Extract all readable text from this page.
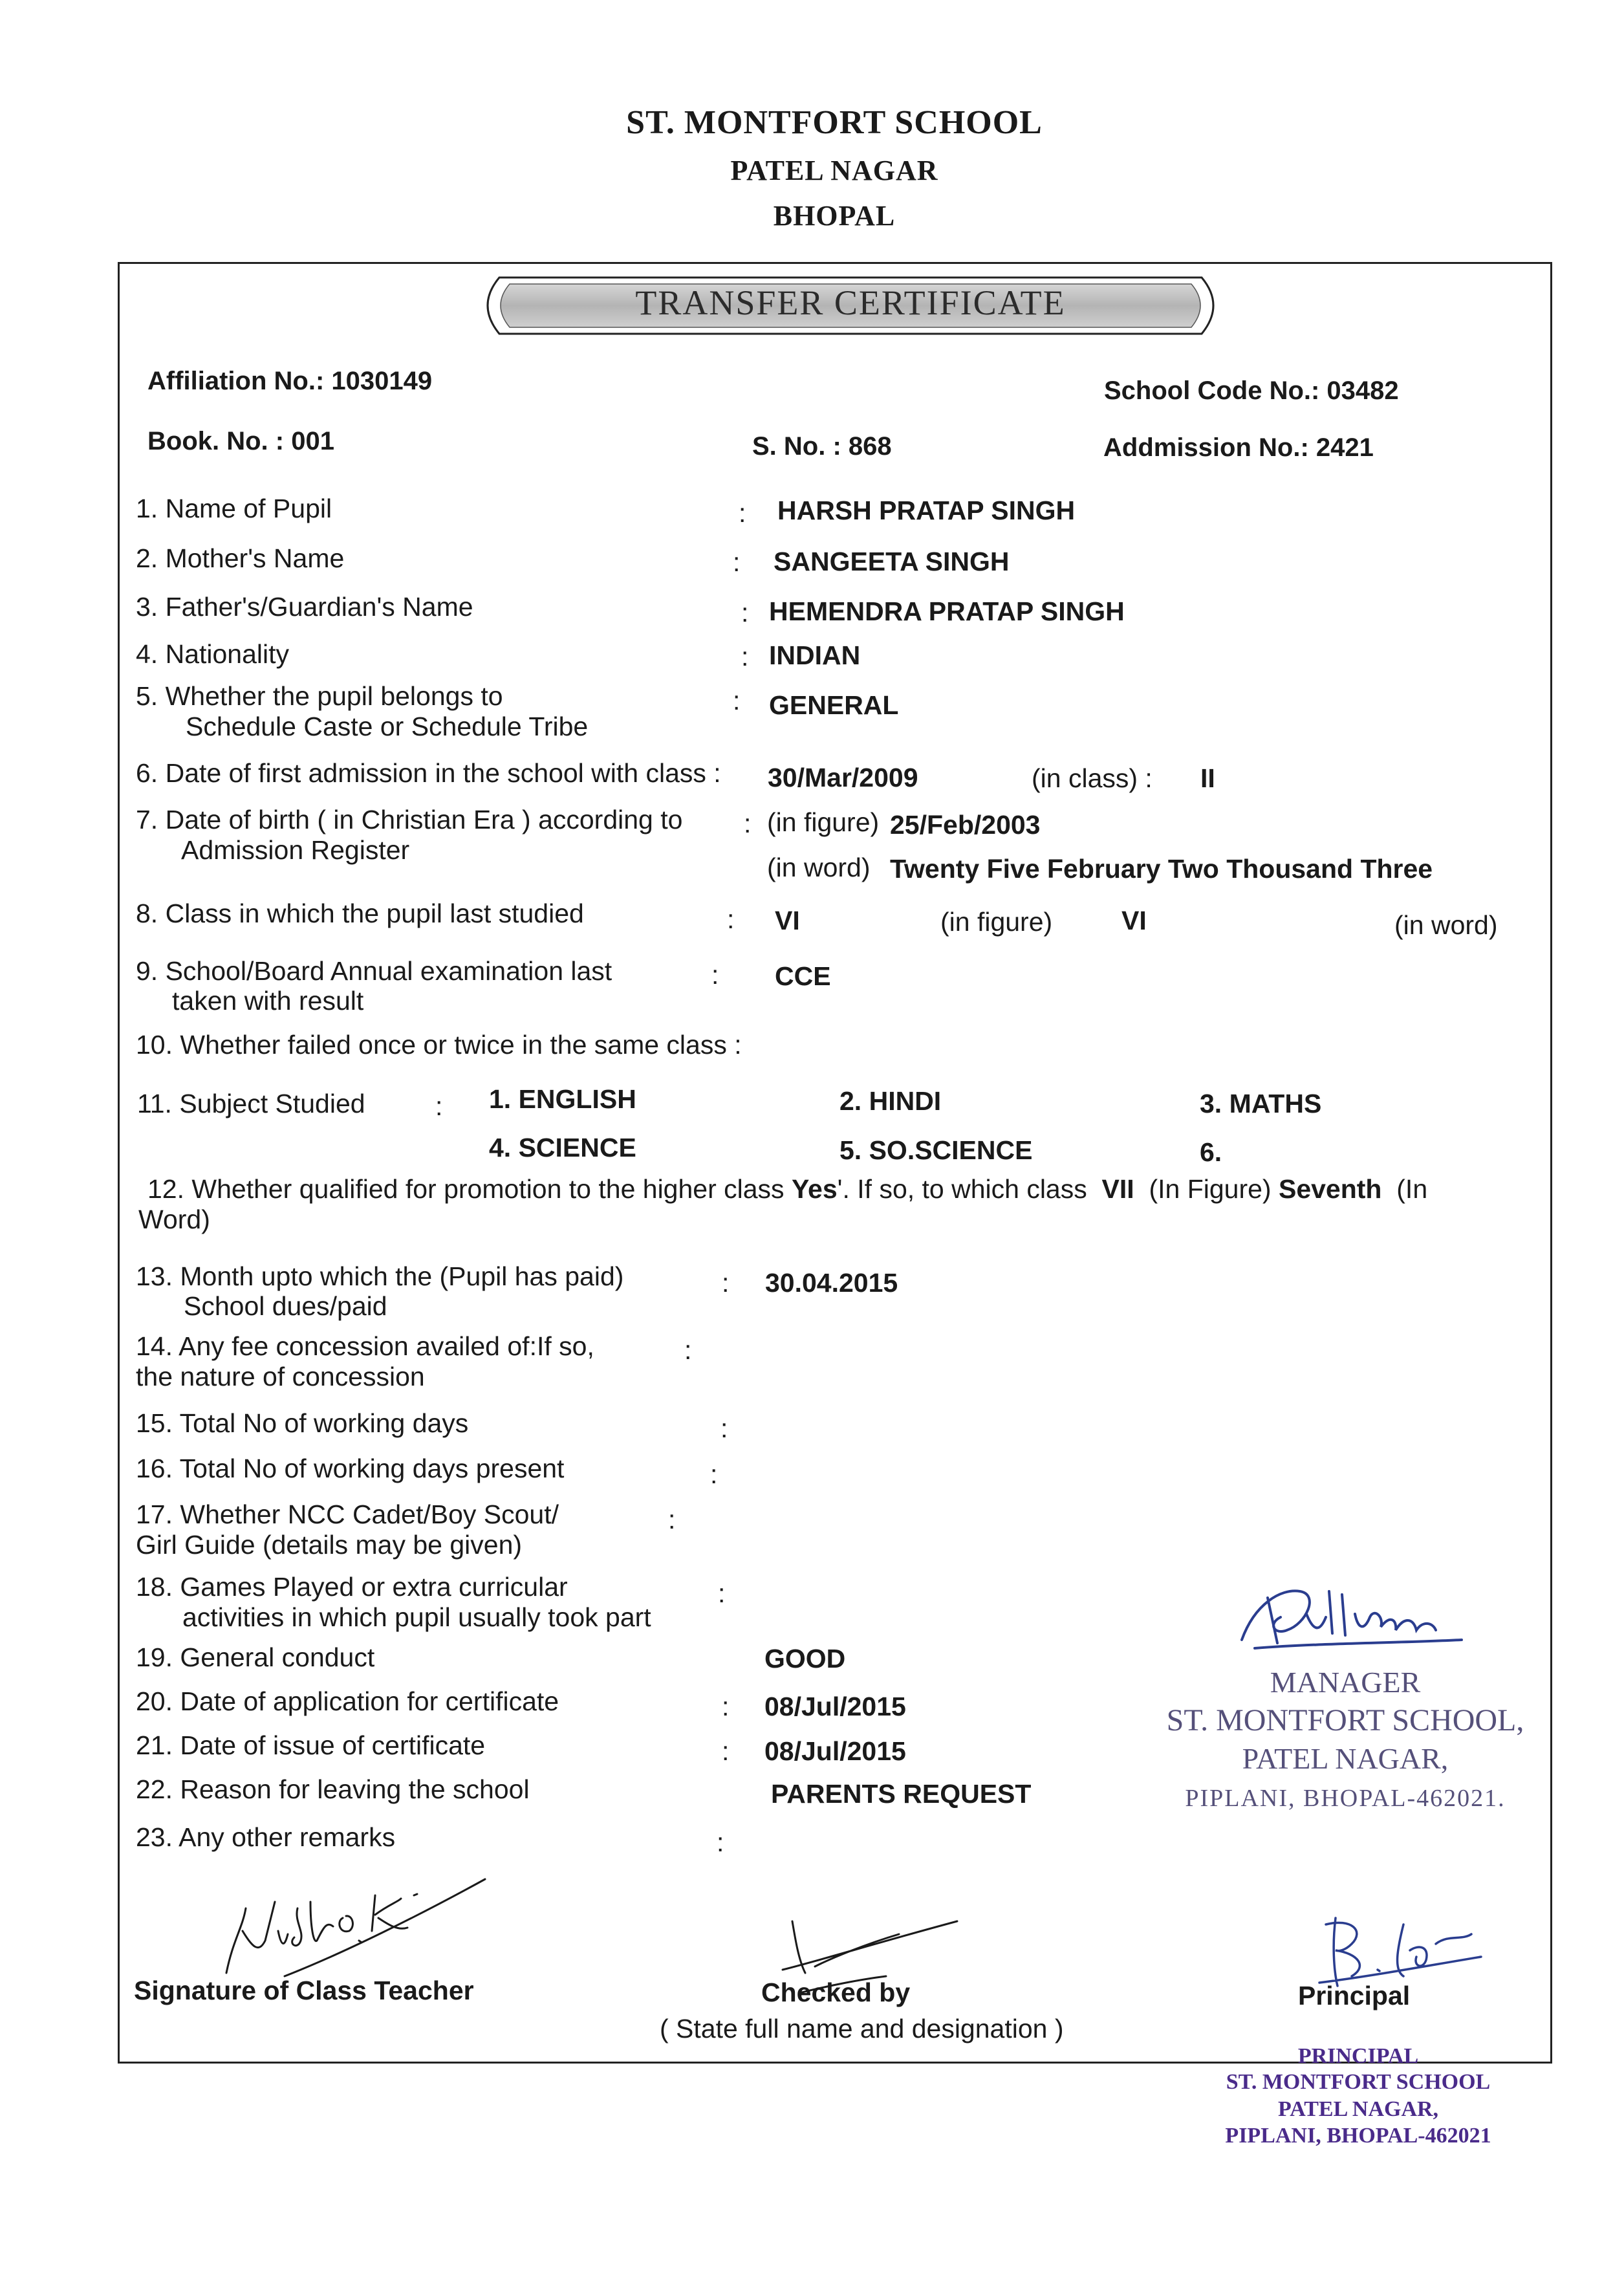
ST. MONTFORT SCHOOL
PATEL NAGAR
BHOPAL
TRANSFER CERTIFICATE
Affiliation No.: 1030149	School Code No.: 03482
Book. No. : 001	S. No. : 868	Addmission No.: 2421
1. Name of Pupil	: HARSH PRATAP SINGH
2. Mother's Name	: SANGEETA SINGH
3. Father's/Guardian's Name	: HEMENDRA PRATAP SINGH
4. Nationality	: INDIAN
5. Whether the pupil belongs to
Schedule Caste or Schedule Tribe
: GENERAL
6. Date of first admission in the school with class : 30/Mar/2009	(in class) : II
7. Date of birth ( in Christian Era ) according to
Admission Register
: (in figure) 25/Feb/2003
(in word) Twenty Five February Two Thousand Three
8. Class in which the pupil last studied	: VI	(in figure)	VI	(in word)
9. School/Board Annual examination last
taken with result
: CCE
10. Whether failed once or twice in the same class :
11. Subject Studied	: 1. ENGLISH	2. HINDI	3. MATHS
4. SCIENCE	5. SO.SCIENCE	6.
12. Whether qualified for promotion to the higher class Yes'. If so, to which class VII (In Figure) Seventh (In
Word)
13. Month upto which the (Pupil has paid)
School dues/paid
: 30.04.2015
14. Any fee concession availed of:If so,
the nature of concession
:
15. Total No of working days	:
16. Total No of working days present	:
17. Whether NCC Cadet/Boy Scout/
Girl Guide (details may be given)
:
18. Games Played or extra curricular
activities in which pupil usually took part
:
19. General conduct	GOOD
20. Date of application for certificate	: 08/Jul/2015
21. Date of issue of certificate	: 08/Jul/2015
22. Reason for leaving the school	PARENTS REQUEST
23. Any other remarks	:
MANAGER
ST. MONTFORT SCHOOL,
PATEL NAGAR,
PIPLANI, BHOPAL-462021.
Signature of Class Teacher	Checked by
( State full name and designation )
Principal
PRINCIPAL
ST. MONTFORT SCHOOL
PATEL NAGAR,
PIPLANI, BHOPAL-462021
